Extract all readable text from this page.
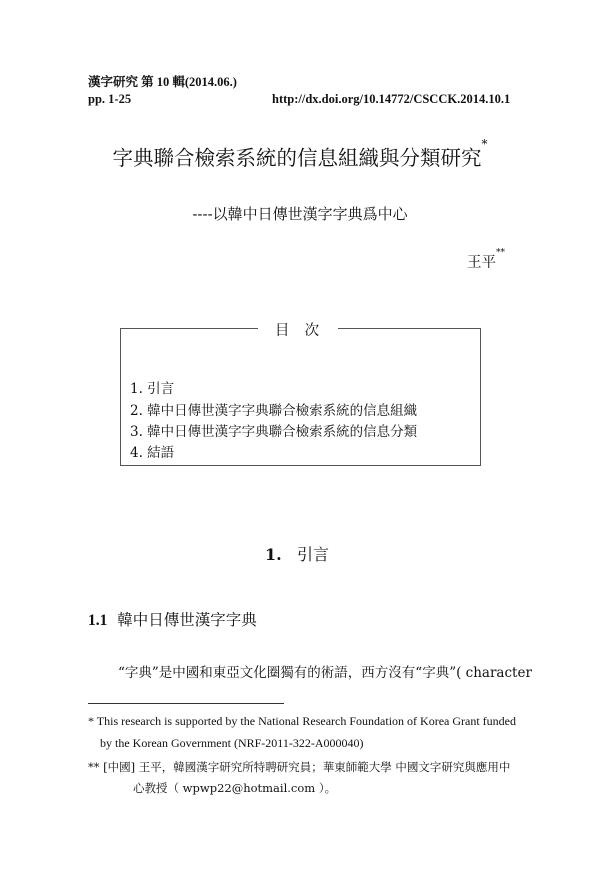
漢字研究 第 10 輯(2014.06.)
pp. 1-25	http://dx.doi.org/10.14772/CSCCK.2014.10.1
字典聯合檢索系統的信息組織與分類研究*
----以韓中日傳世漢字字典爲中心
王平**
目  次
1. 引言
2. 韓中日傳世漢字字典聯合檢索系統的信息組織
3. 韓中日傳世漢字字典聯合檢索系統的信息分類
4. 結語
1. 引言
1.1 韓中日傳世漢字字典
“字典”是中國和東亞文化圈獨有的術語，西方沒有“字典”( character
* This research is supported by the National Research Foundation of Korea Grant funded
by the Korean Government (NRF-2011-322-A000040)
** [中國] 王平，韓國漢字研究所特聘研究員；華東師範大學 中國文字研究與應用中
心教授（ wpwp22@hotmail.com ）。
